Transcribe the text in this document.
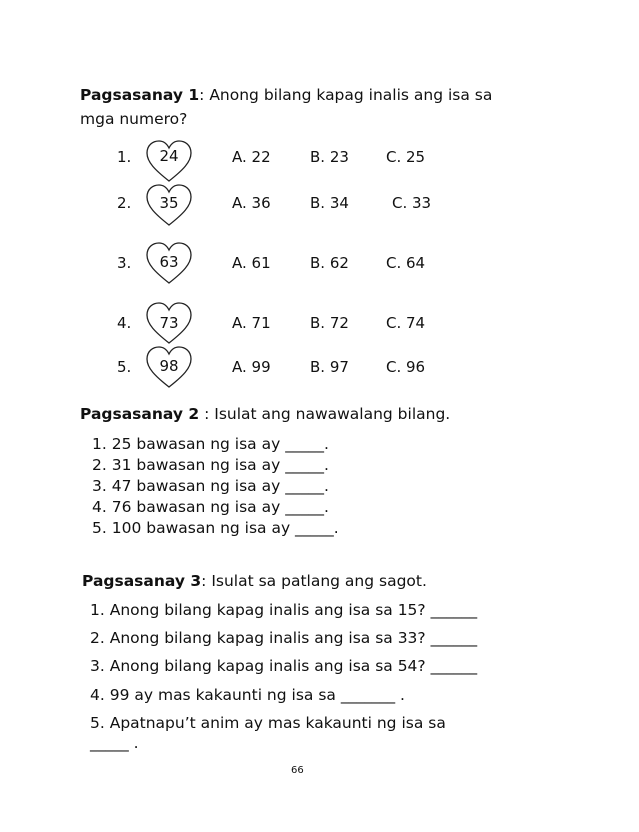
Pagsasanay 1: Anong bilang kapag inalis ang isa sa
mga numero?
1.	24	A. 22	B. 23 C. 25
2.	35	A. 36	B. 34	C. 33
3.	63	A. 61	B. 62 C. 64
4.	73	A. 71	B. 72 C. 74
5.	98	A. 99	B. 97 C. 96
Pagsasanay 2 : Isulat ang nawawalang bilang.
1. 25 bawasan ng isa ay _____.
2. 31 bawasan ng isa ay _____.
3. 47 bawasan ng isa ay _____.
4. 76 bawasan ng isa ay _____.
5. 100 bawasan ng isa ay _____.
Pagsasanay 3: Isulat sa patlang ang sagot.
1. Anong bilang kapag inalis ang isa sa 15? ______
2. Anong bilang kapag inalis ang isa sa 33? ______
3. Anong bilang kapag inalis ang isa sa 54? ______
4. 99 ay mas kakaunti ng isa sa _______ .
5. Apatnapu’t anim ay mas kakaunti ng isa sa
_____ .
66
